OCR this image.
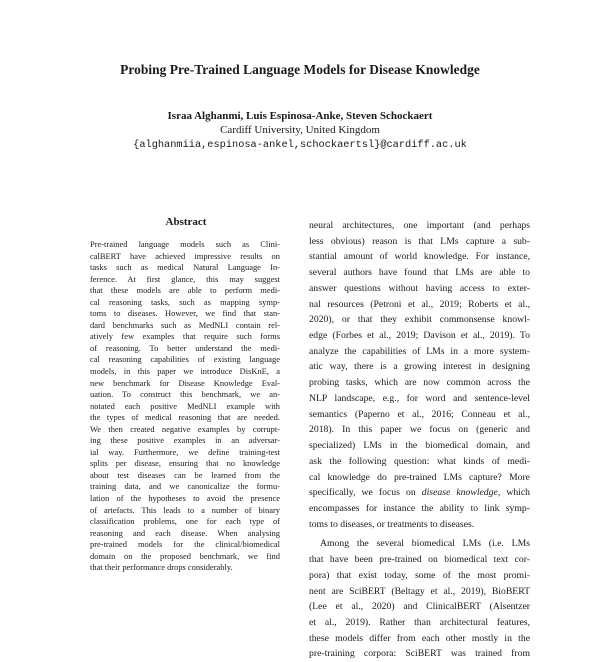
Probing Pre-Trained Language Models for Disease Knowledge
Israa Alghanmi, Luis Espinosa-Anke, Steven Schockaert
Cardiff University, United Kingdom
{alghanmiia,espinosa-ankel,schockaertsl}@cardiff.ac.uk
Abstract
Pre-trained language models such as Clini-
calBERT have achieved impressive results on
tasks such as medical Natural Language In-
ference. At first glance, this may suggest
that these models are able to perform medi-
cal reasoning tasks, such as mapping symp-
toms to diseases. However, we find that stan-
dard benchmarks such as MedNLI contain rel-
atively few examples that require such forms
of reasoning. To better understand the medi-
cal reasoning capabilities of existing language
models, in this paper we introduce DisKnE, a
new benchmark for Disease Knowledge Eval-
uation. To construct this benchmark, we an-
notated each positive MedNLI example with
the types of medical reasoning that are needed.
We then created negative examples by corrupt-
ing these positive examples in an adversar-
ial way. Furthermore, we define training-test
splits per disease, ensuring that no knowledge
about test diseases can be learned from the
training data, and we canonicalize the formu-
lation of the hypotheses to avoid the presence
of artefacts. This leads to a number of binary
classification problems, one for each type of
reasoning and each disease. When analysing
pre-trained models for the clinical/biomedical
domain on the proposed benchmark, we find
that their performance drops considerably.
neural architectures, one important (and perhaps
less obvious) reason is that LMs capture a sub-
stantial amount of world knowledge. For instance,
several authors have found that LMs are able to
answer questions without having access to exter-
nal resources (Petroni et al., 2019; Roberts et al.,
2020), or that they exhibit commonsense knowl-
edge (Forbes et al., 2019; Davison et al., 2019). To
analyze the capabilities of LMs in a more system-
atic way, there is a growing interest in designing
probing tasks, which are now common across the
NLP landscape, e.g., for word and sentence-level
semantics (Paperno et al., 2016; Conneau et al.,
2018). In this paper we focus on (generic and
specialized) LMs in the biomedical domain, and
ask the following question: what kinds of medi-
cal knowledge do pre-trained LMs capture? More
specifically, we focus on disease knowledge, which
encompasses for instance the ability to link symp-
toms to diseases, or treatments to diseases.
Among the several biomedical LMs (i.e. LMs
that have been pre-trained on biomedical text cor-
pora) that exist today, some of the most promi-
nent are SciBERT (Beltagy et al., 2019), BioBERT
(Lee et al., 2020) and ClinicalBERT (Alsentzer
et al., 2019). Rather than architectural features,
these models differ from each other mostly in the
pre-training corpora: SciBERT was trained from
